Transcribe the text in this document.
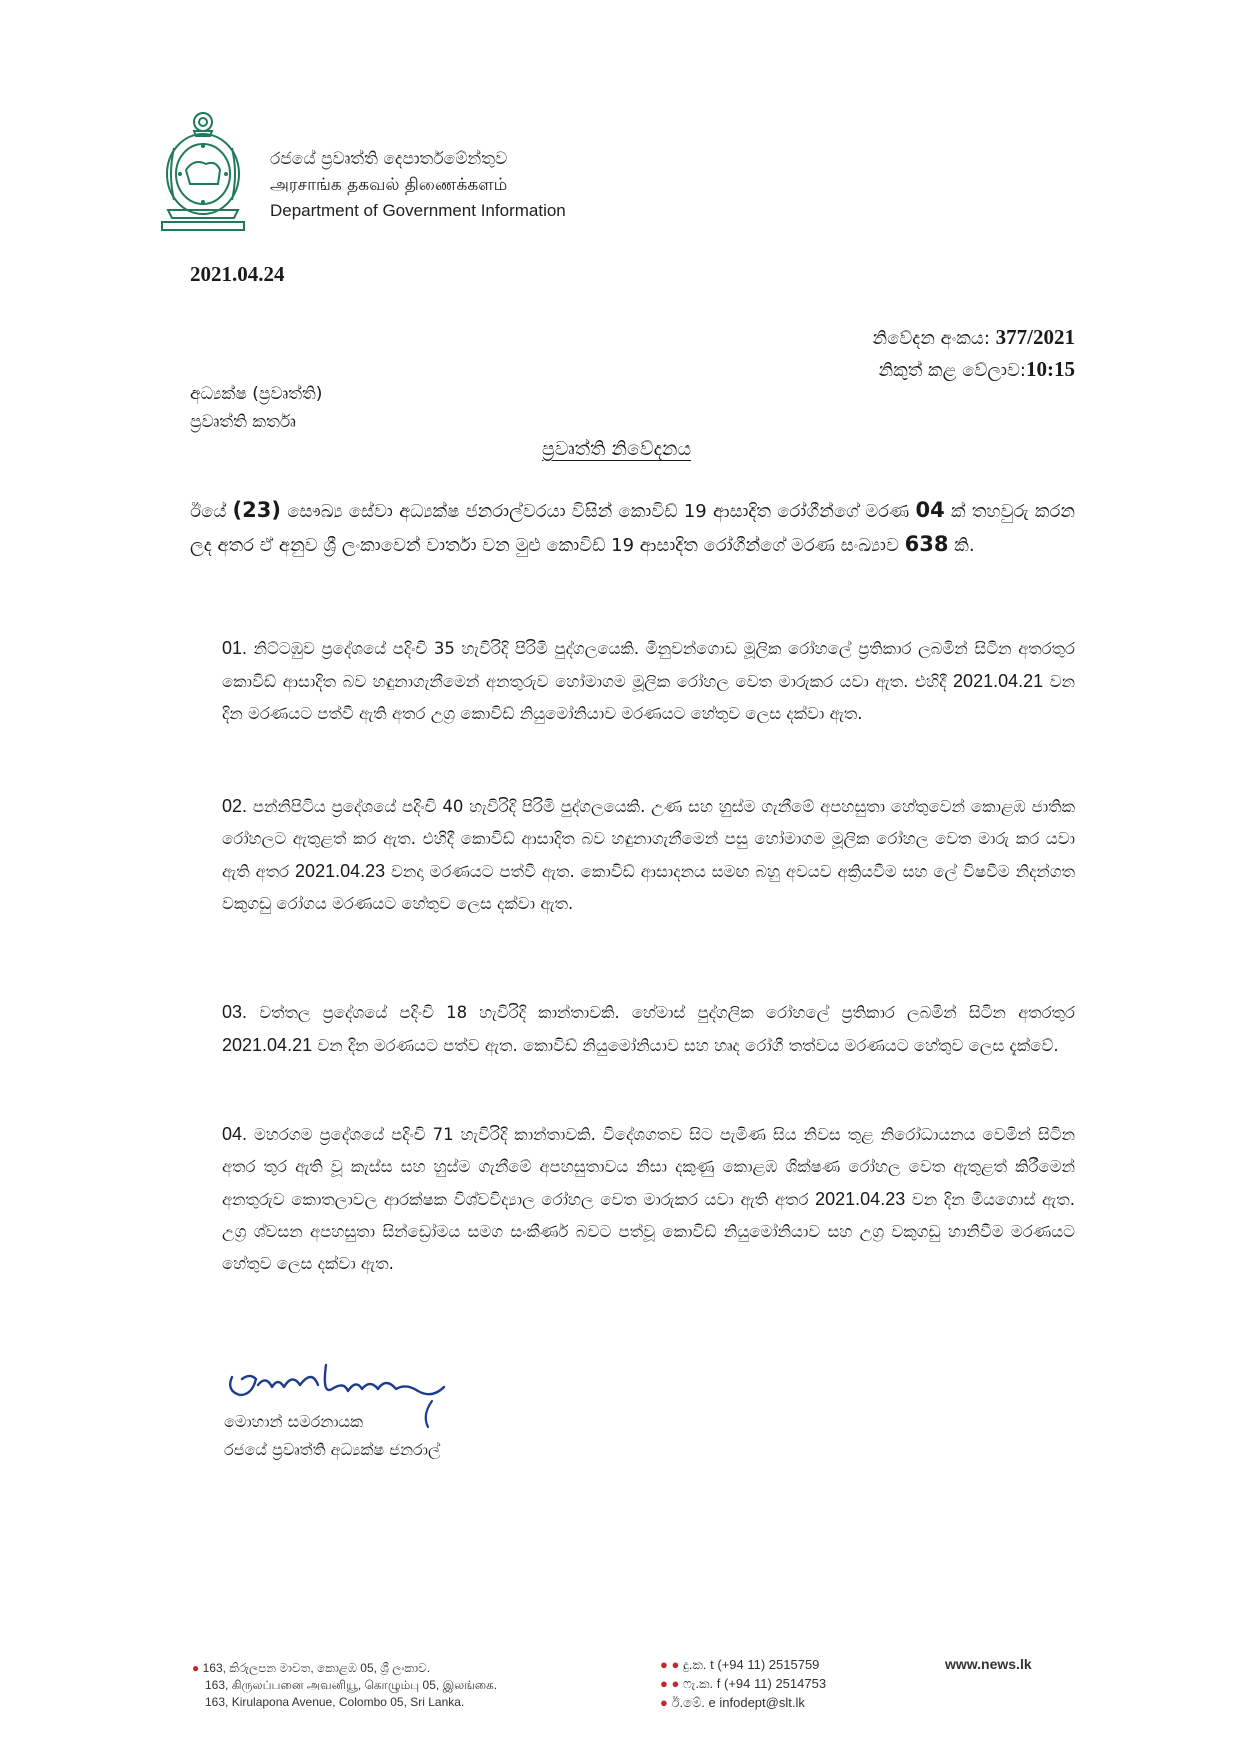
රජයේ ප්‍රවෘත්ති දෙපාර්තමේන්තුව
அரசாங்க தகவல் திணைக்களம்
Department of Government Information
2021.04.24
නිවේදන අංකය: 377/2021
නිකුත් කළ වේලාව:10:15
අධ්‍යක්ෂ (ප්‍රවෘත්ති)
ප්‍රවෘත්ති කර්තෘ
ප්‍රවෘත්ති නිවේදනය
ඊයේ (23) සෞඛ්‍ය සේවා අධ්‍යක්ෂ ජනරාල්වරයා විසින් කොවිඩ් 19 ආසාදිත රෝගීන්ගේ මරණ 04 ක් තහවුරු කරන ලද අතර ඒ අනුව ශ්‍රී ලංකාවෙන් වාර්තා වන මුළු කොවිඩ් 19 ආසාදිත රෝගීන්ගේ මරණ සංඛ්‍යාව 638 කි.
01. නිට්ටඹුව ප්‍රදේශයේ පදිංචි 35 හැවිරිදි පිරිමි පුද්ගලයෙකි. මිනුවන්ගොඩ මූලික රෝහලේ ප්‍රතිකාර ලබමින් සිටින අතරතුර කොවිඩ් ආසාදිත බව හඳුනාගැනීමෙන් අනතුරුව හෝමාගම මූලික රෝහල වෙත මාරුකර යවා ඇත. එහිදී 2021.04.21 වන දින මරණයට පත්වී ඇති අතර උග්‍ර කොවිඩ් නියුමෝනියාව මරණයට හේතුව ලෙස දක්වා ඇත.
02. පන්නිපිටිය ප්‍රදේශයේ පදිංචි 40 හැවිරිදි පිරිමි පුද්ගලයෙකි. උණ සහ හුස්ම ගැනීමේ අපහසුතා හේතුවෙන් කොළඹ ජාතික රෝහලට ඇතුළත් කර ඇත. එහිදී කොවිඩ් ආසාදිත බව හඳුනාගැනීමෙන් පසු හෝමාගම මූලික රෝහල වෙත මාරු කර යවා ඇති අතර 2021.04.23 වනදා මරණයට පත්වී ඇත. කොවිඩ් ආසාදනය සමඟ බහු අවයව අක්‍රියවීම සහ ලේ විෂවීම නිදන්ගත වකුගඩු රෝගය මරණයට හේතුව ලෙස දක්වා ඇත.
03. වත්තල ප්‍රදේශයේ පදිංචි 18 හැවිරිදි කාන්තාවකි. හේමාස් පුද්ගලික රෝහලේ ප්‍රතිකාර ලබමින් සිටින අතරතුර 2021.04.21 වන දින මරණයට පත්ව ඇත. කොවිඩ් නියුමෝනියාව සහ හෘද රෝගී තත්වය මරණයට හේතුව ලෙස දැක්වේ.
04. මහරගම ප්‍රදේශයේ පදිංචි 71 හැවිරිදි කාන්තාවකි. විදේශගතව සිට පැමිණ සිය නිවස තුළ නිරෝධායනය වෙමින් සිටින අතර තුර ඇති වූ කැස්ස සහ හුස්ම ගැනීමේ අපහසුතාවය නිසා දකුණු කොළඹ ශික්ෂණ රෝහල වෙත ඇතුළත් කිරීමෙන් අනතුරුව කොතලාවල ආරක්ෂක විශ්වවිද්‍යාල රෝහල වෙත මාරුකර යවා ඇති අතර 2021.04.23 වන දින මියගොස් ඇත. උග්‍ර ශ්වසන අපහසුතා සින්ඩ්‍රෝමය සමග සංකීර්ණ බවට පත්වූ කොවිඩ් නියුමෝනියාව සහ උග්‍ර වකුගඩු හානිවීම මරණයට හේතුව ලෙස දක්වා ඇත.
මොහාන් සමරනායක
රජයේ ප්‍රවෘත්ති අධ්‍යක්ෂ ජනරාල්
● 163, කිරුලපන මාවත, කොළඹ 05, ශ්‍රී ලංකාව.
163, கிருலப்பனை அவனியூ, கொழும்பு 05, இலங்கை.
163, Kirulapona Avenue, Colombo 05, Sri Lanka.
● ● දු.ක. t (+94 11) 2515759
● ● ෆැ.ක. f (+94 11) 2514753
● ඊ.මේ. e infodept@slt.lk
www.news.lk
